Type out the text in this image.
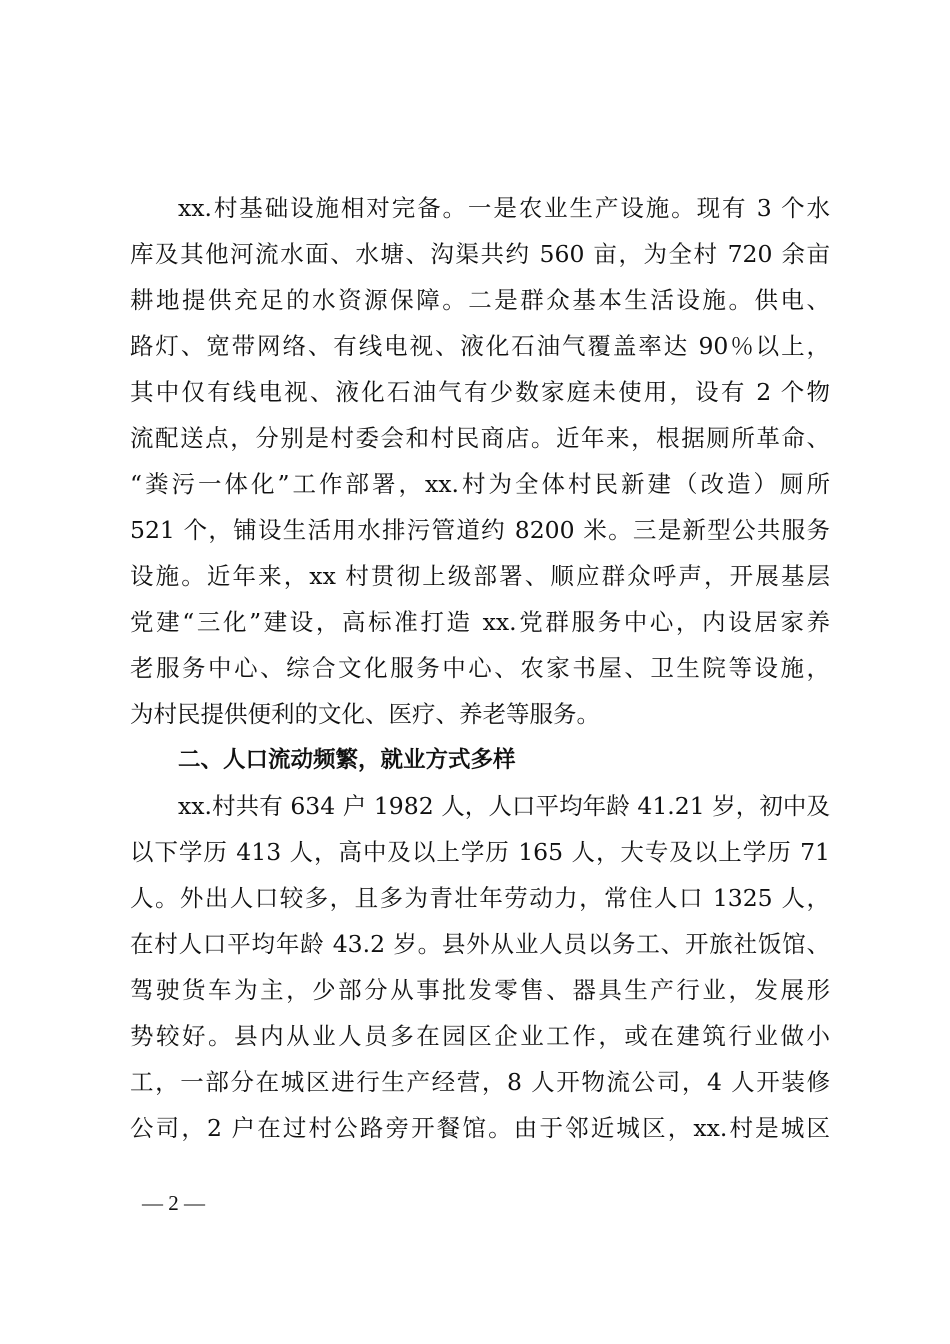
xx.村基础设施相对完备。一是农业生产设施。现有 3 个水
库及其他河流水面、水塘、沟渠共约 560 亩，为全村 720 余亩
耕地提供充足的水资源保障。二是群众基本生活设施。供电、
路灯、宽带网络、有线电视、液化石油气覆盖率达 90％以上，
其中仅有线电视、液化石油气有少数家庭未使用，设有 2 个物
流配送点，分别是村委会和村民商店。近年来，根据厕所革命、
“粪污一体化”工作部署，xx.村为全体村民新建（改造）厕所
521 个，铺设生活用水排污管道约 8200 米。三是新型公共服务
设施。近年来，xx 村贯彻上级部署、顺应群众呼声，开展基层
党建“三化”建设，高标准打造 xx.党群服务中心，内设居家养
老服务中心、综合文化服务中心、农家书屋、卫生院等设施，
为村民提供便利的文化、医疗、养老等服务。
二、人口流动频繁，就业方式多样
xx.村共有 634 户 1982 人，人口平均年龄 41.21 岁，初中及
以下学历 413 人，高中及以上学历 165 人，大专及以上学历 71
人。外出人口较多，且多为青壮年劳动力，常住人口 1325 人，
在村人口平均年龄 43.2 岁。县外从业人员以务工、开旅社饭馆、
驾驶货车为主，少部分从事批发零售、器具生产行业，发展形
势较好。县内从业人员多在园区企业工作，或在建筑行业做小
工，一部分在城区进行生产经营，8 人开物流公司，4 人开装修
公司，2 户在过村公路旁开餐馆。由于邻近城区，xx.村是城区
— 2 —
